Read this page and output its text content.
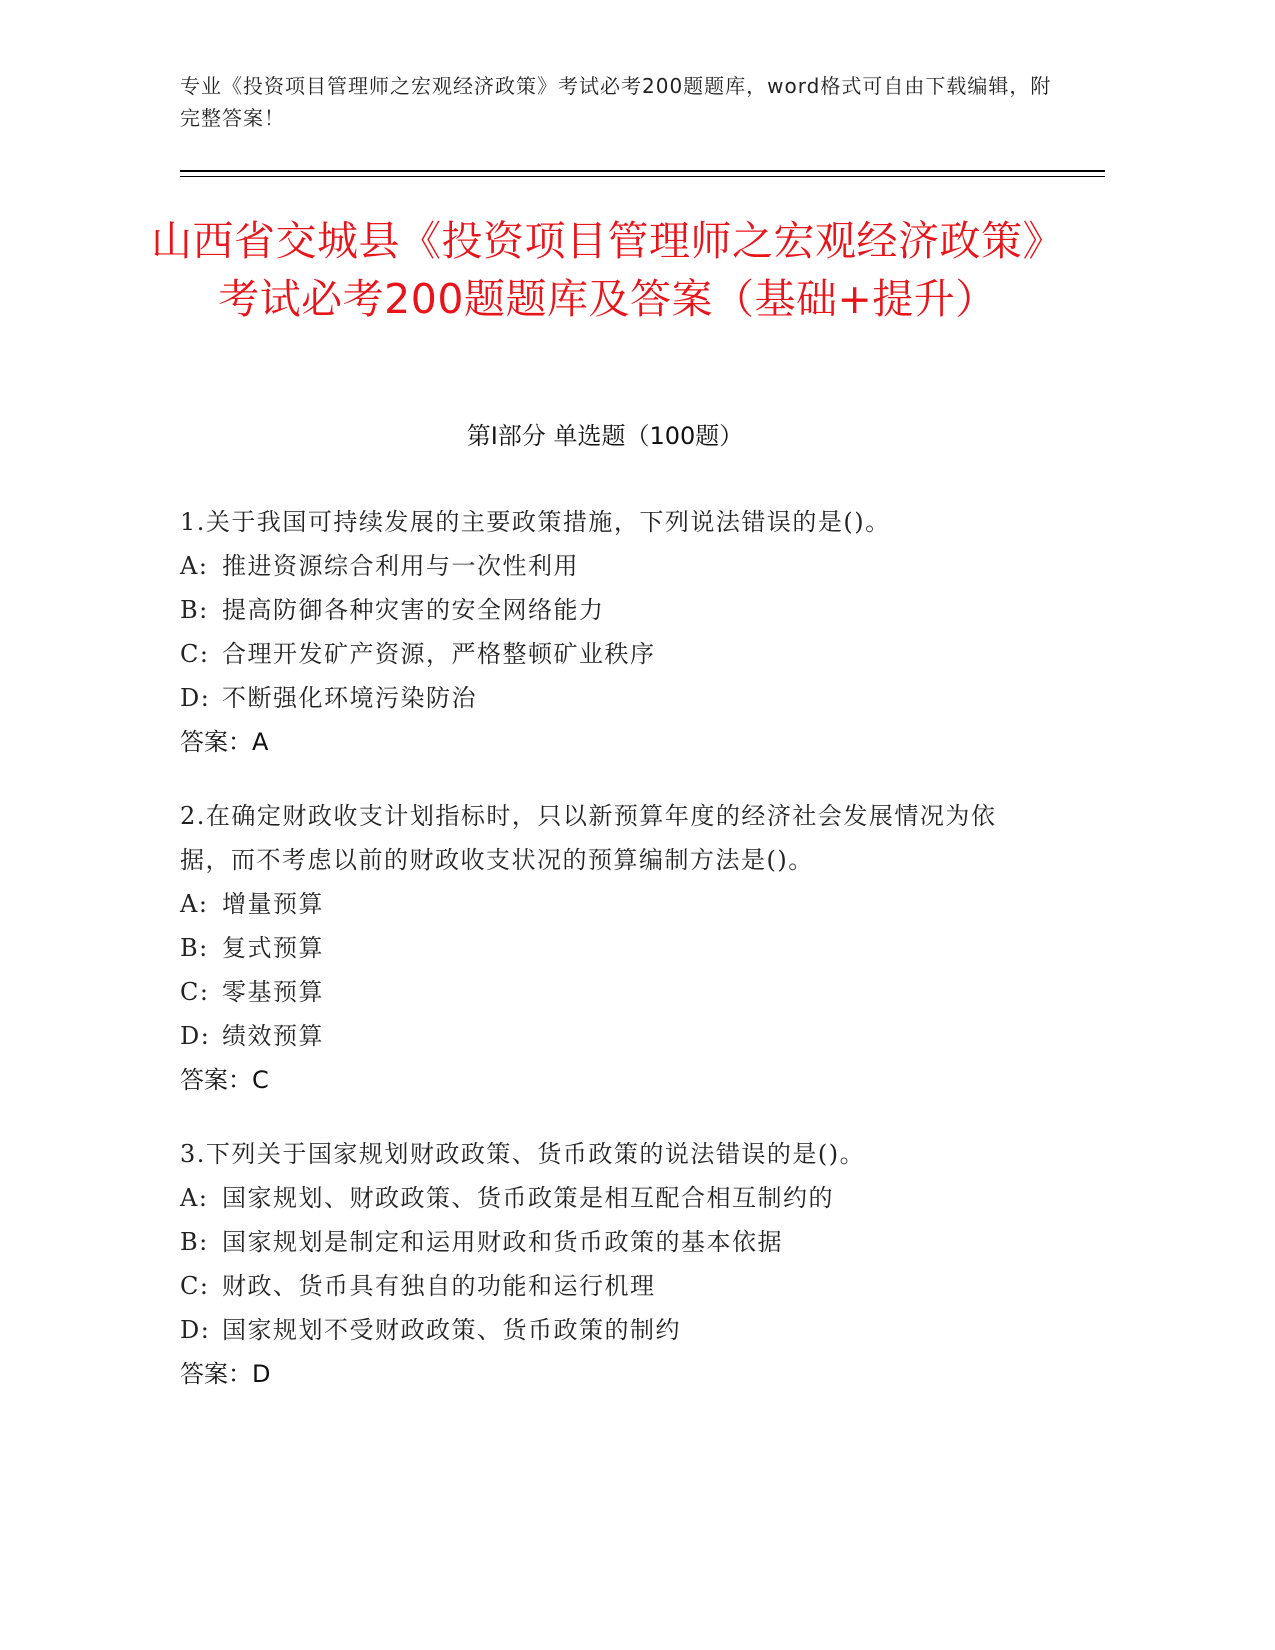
专业《投资项目管理师之宏观经济政策》考试必考200题题库，word格式可自由下载编辑，附完整答案！
山西省交城县《投资项目管理师之宏观经济政策》考试必考200题题库及答案（基础+提升）
第Ⅰ部分 单选题（100题）

1.关于我国可持续发展的主要政策措施，下列说法错误的是()。

A: 推进资源综合利用与一次性利用

B: 提高防御各种灾害的安全网络能力

C: 合理开发矿产资源，严格整顿矿业秩序

D: 不断强化环境污染防治

答案：A

2.在确定财政收支计划指标时，只以新预算年度的经济社会发展情况为依据，而不考虑以前的财政收支状况的预算编制方法是()。

A: 增量预算

B: 复式预算

C: 零基预算

D: 绩效预算

答案：C

3.下列关于国家规划财政政策、货币政策的说法错误的是()。

A: 国家规划、财政政策、货币政策是相互配合相互制约的

B: 国家规划是制定和运用财政和货币政策的基本依据

C: 财政、货币具有独自的功能和运行机理

D: 国家规划不受财政政策、货币政策的制约

答案：D
